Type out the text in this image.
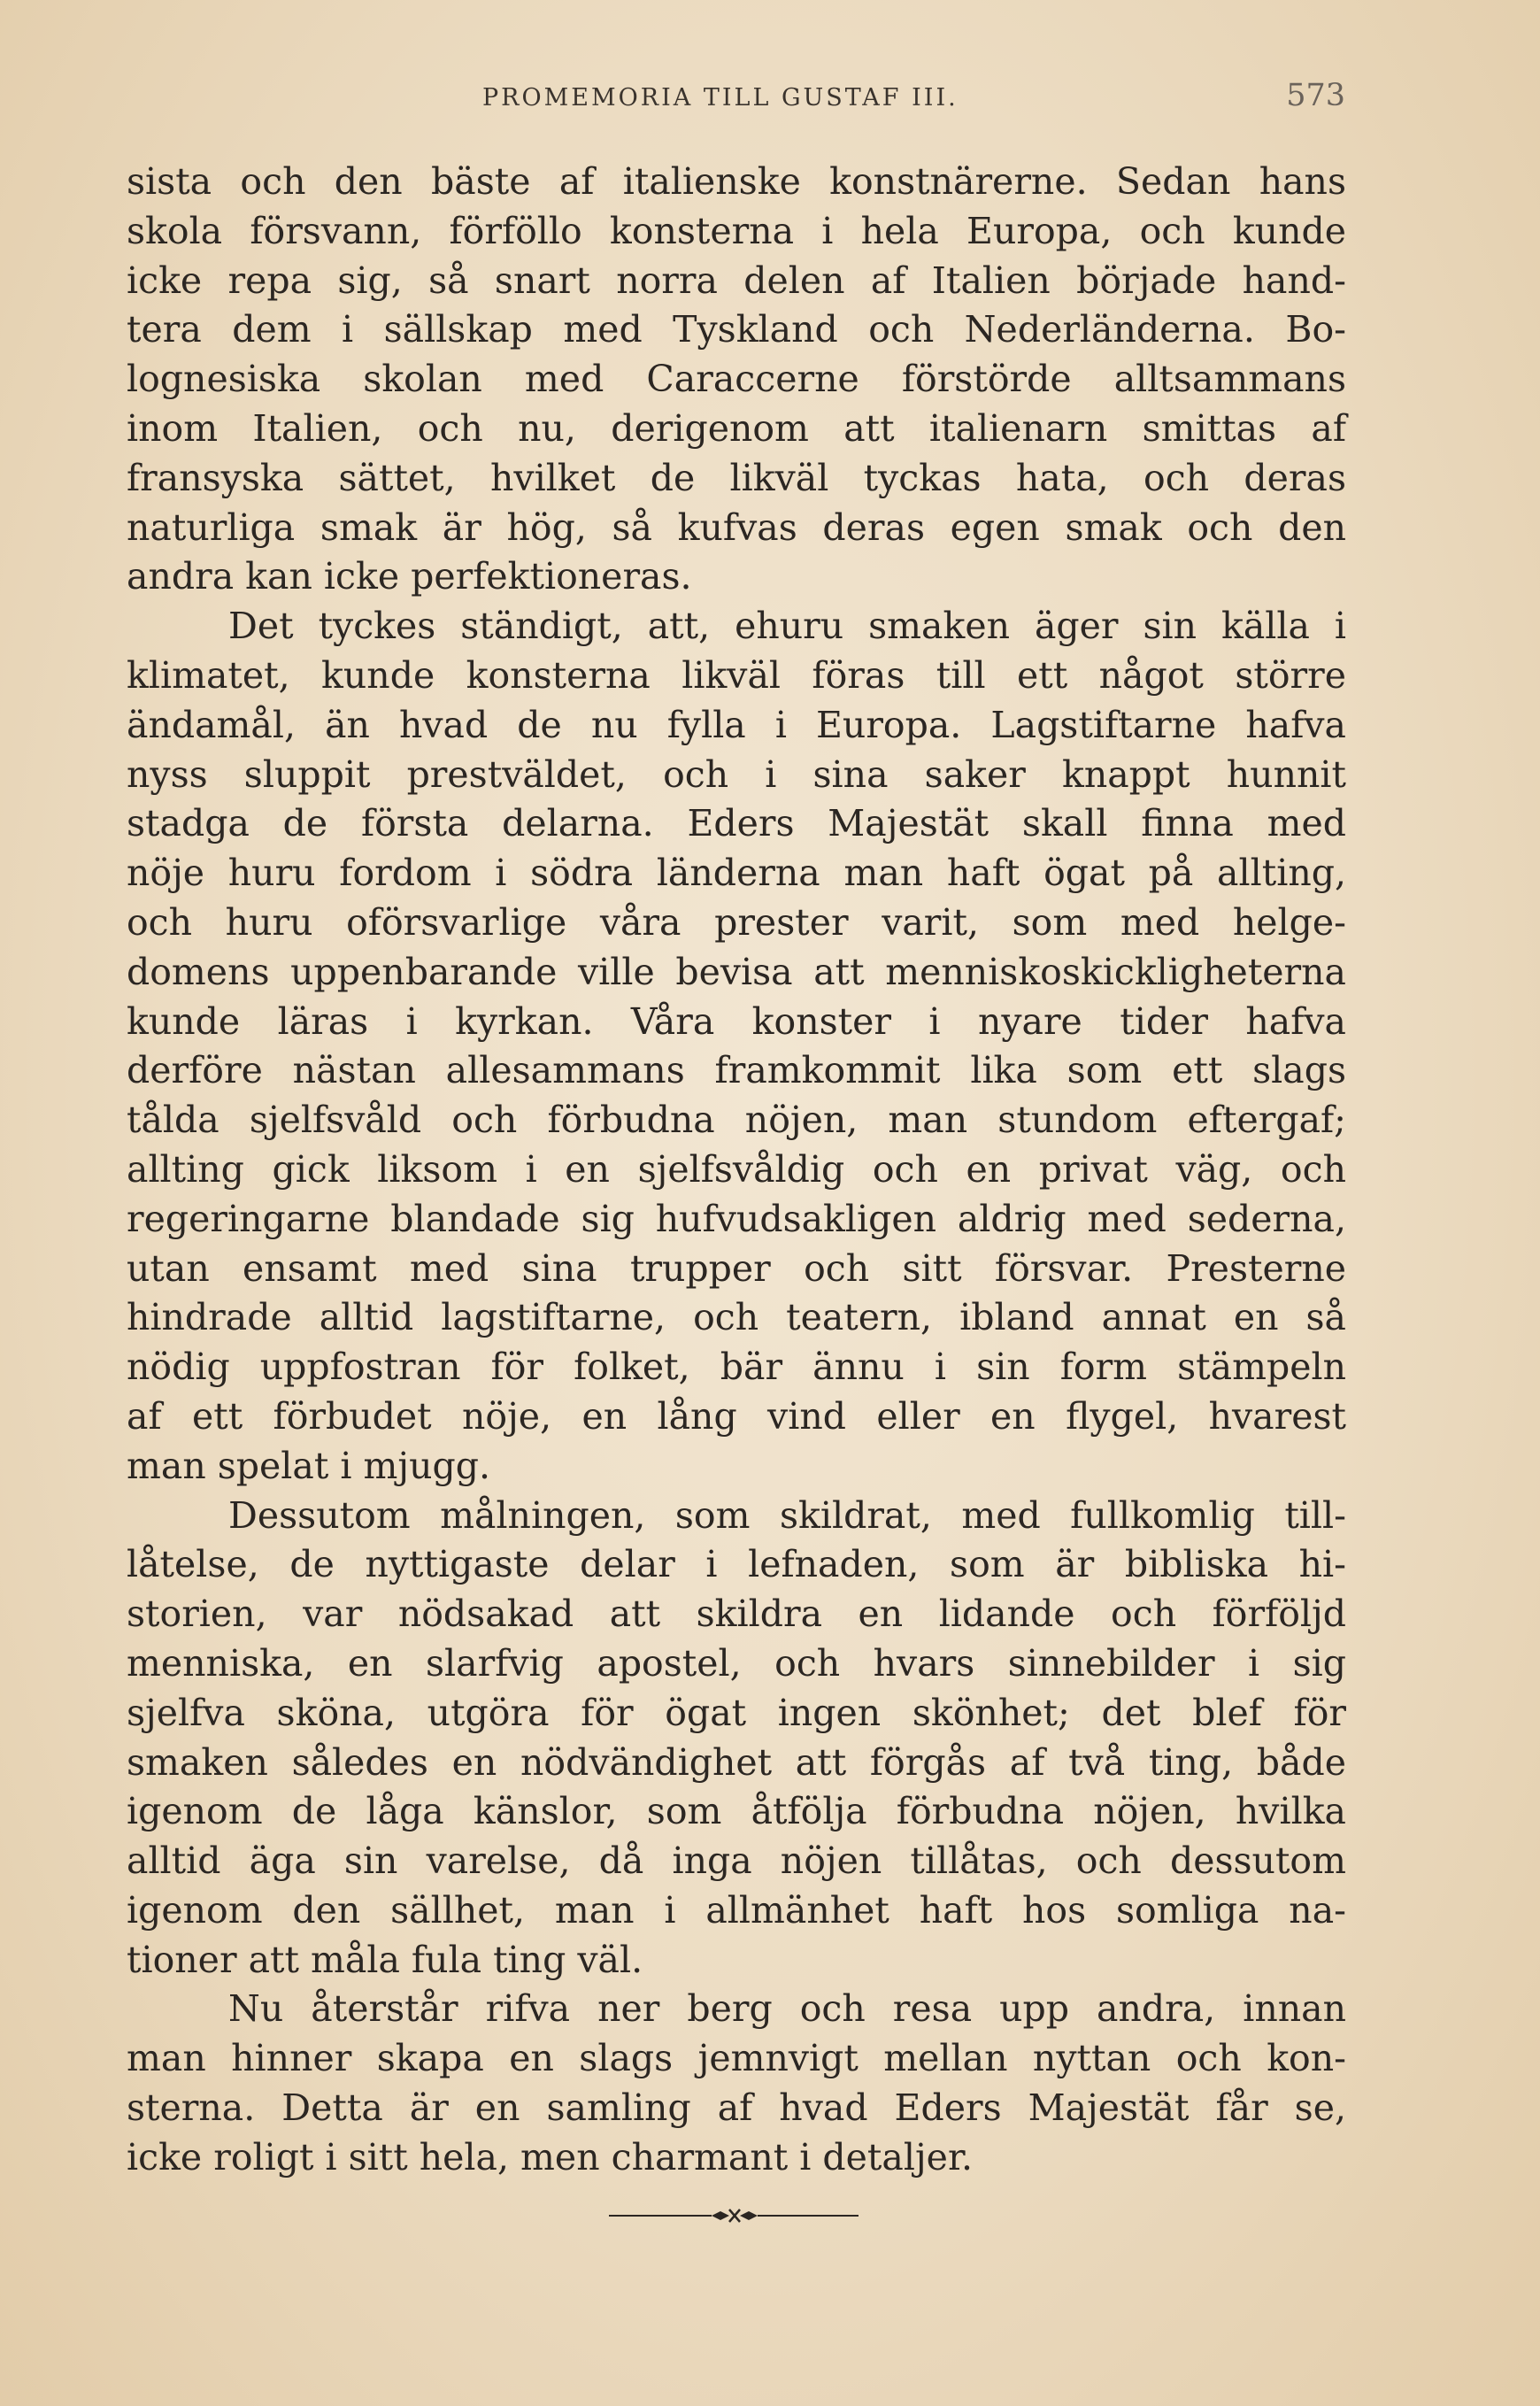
PROMEMORIA TILL GUSTAF III.	573
sista och den bäste af italienske konstnärerne. Sedan hans
skola försvann, förföllo konsterna i hela Europa, och kunde
icke repa sig, så snart norra delen af Italien började hand-
tera dem i sällskap med Tyskland och Nederländerna. Bo-
lognesiska skolan med Caraccerne förstörde alltsammans
inom Italien, och nu, derigenom att italienarn smittas af
fransyska sättet, hvilket de likväl tyckas hata, och deras
naturliga smak är hög, så kufvas deras egen smak och den
andra kan icke perfektioneras.
Det tyckes ständigt, att, ehuru smaken äger sin källa i
klimatet, kunde konsterna likväl föras till ett något större
ändamål, än hvad de nu fylla i Europa. Lagstiftarne hafva
nyss sluppit prestväldet, och i sina saker knappt hunnit
stadga de första delarna. Eders Majestät skall finna med
nöje huru fordom i södra länderna man haft ögat på allting,
och huru oförsvarlige våra prester varit, som med helge-
domens uppenbarande ville bevisa att menniskoskickligheterna
kunde läras i kyrkan. Våra konster i nyare tider hafva
derföre nästan allesammans framkommit lika som ett slags
tålda sjelfsvåld och förbudna nöjen, man stundom eftergaf;
allting gick liksom i en sjelfsvåldig och en privat väg, och
regeringarne blandade sig hufvudsakligen aldrig med sederna,
utan ensamt med sina trupper och sitt försvar. Presterne
hindrade alltid lagstiftarne, och teatern, ibland annat en så
nödig uppfostran för folket, bär ännu i sin form stämpeln
af ett förbudet nöje, en lång vind eller en flygel, hvarest
man spelat i mjugg.
Dessutom målningen, som skildrat, med fullkomlig till-
låtelse, de nyttigaste delar i lefnaden, som är bibliska hi-
storien, var nödsakad att skildra en lidande och förföljd
menniska, en slarfvig apostel, och hvars sinnebilder i sig
sjelfva sköna, utgöra för ögat ingen skönhet; det blef för
smaken således en nödvändighet att förgås af två ting, både
igenom de låga känslor, som åtfölja förbudna nöjen, hvilka
alltid äga sin varelse, då inga nöjen tillåtas, och dessutom
igenom den sällhet, man i allmänhet haft hos somliga na-
tioner att måla fula ting väl.
Nu återstår rifva ner berg och resa upp andra, innan
man hinner skapa en slags jemnvigt mellan nyttan och kon-
sterna. Detta är en samling af hvad Eders Majestät får se,
icke roligt i sitt hela, men charmant i detaljer.
